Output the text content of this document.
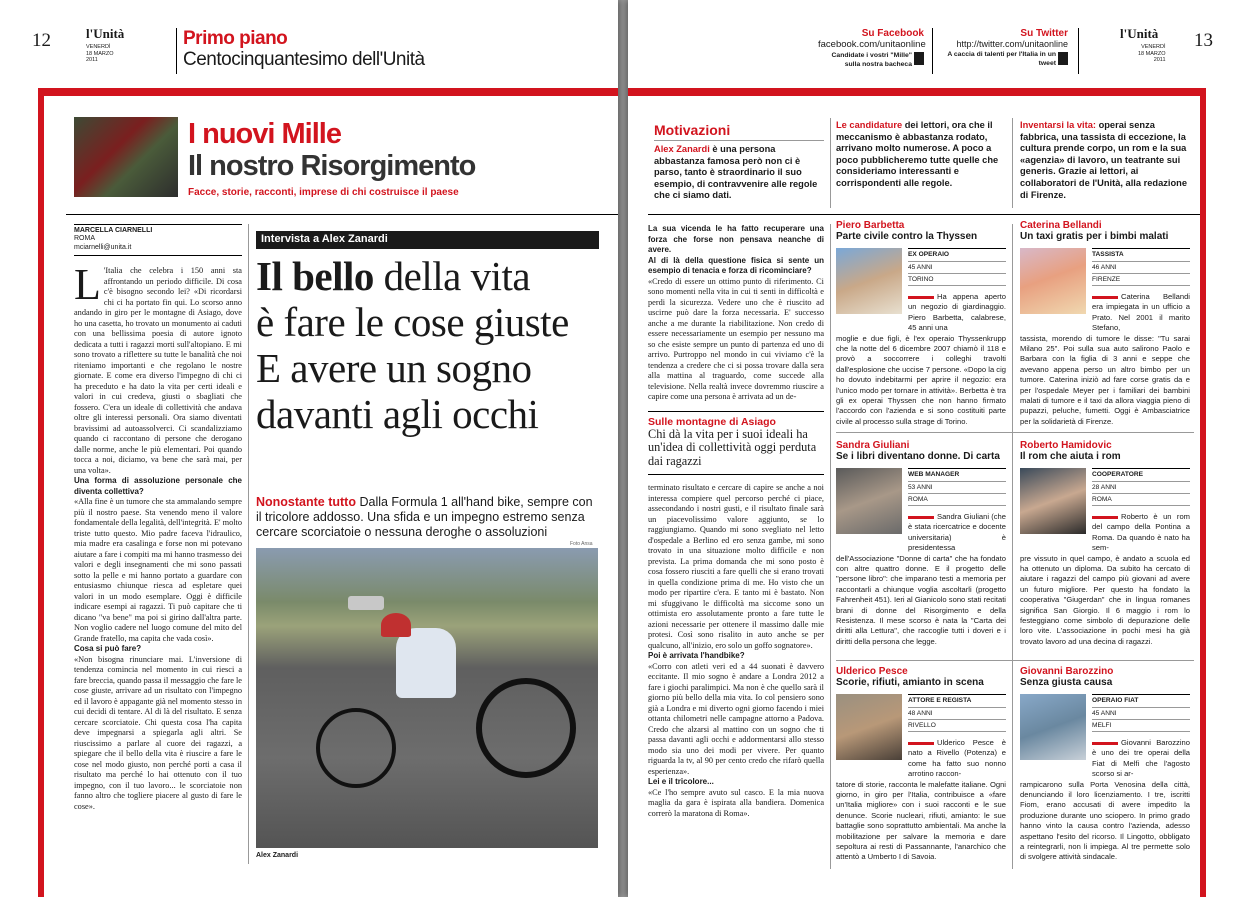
12	l'Unità
VENERDÌ
18 MARZO
2011
Primo piano
Centocinquantesimo dell'Unità
I nuovi Mille
Il nostro Risorgimento
Facce, storie, racconti, imprese di chi costruisce il paese
MARCELLA CIARNELLI
ROMA
mciarnelli@unita.it

L 'Italia che celebra i 150 anni sta affrontando un periodo difficile. Di cosa c'è bisogno secondo lei? «Di ricordarsi chi ci ha portato fin qui. Lo scorso anno andando in giro per le montagne di Asiago, dove ho una casetta, ho trovato un monumento ai caduti con una bellissima poesia di autore ignoto dedicata a tutti i ragazzi morti sull'altopiano. E mi sono trovato a riflettere su tutte le banalità che noi riteniamo importanti e che regolano le nostre giornate. E come era diverso l'impegno di chi ci ha preceduto e ha dato la vita per certi ideali e valori in cui credeva, giusti o sbagliati che fossero. C'era un ideale di collettività che andava oltre gli interessi personali. Ora siamo diventati bravissimi ad autoassolverci. Ci scandalizziamo quando ci raccontano di persone che derogano dalle norme, anche le più elementari. Poi quando tocca a noi, diciamo, va bene che sarà mai, per una volta».

Una forma di assoluzione personale che diventa collettiva?

«Alla fine è un tumore che sta ammalando sempre più il nostro paese. Sta venendo meno il valore fondamentale della legalità, dell'integrità. E' molto triste tutto questo. Mio padre faceva l'idraulico, mia madre era casalinga e forse non mi potevano aiutare a fare i compiti ma mi hanno trasmesso dei valori e degli insegnamenti che mi sono passati sotto la pelle e mi hanno portato a guardare con entusiasmo chiunque riesca ad espletare quei valori in un modo esemplare. Oggi è difficile indicare esempi ai ragazzi. Ti può capitare che ti dicano "va bene" ma poi si girino dall'altra parte. Non voglio cadere nel luogo comune del mito del Grande fratello, ma capita che vada così».

Cosa si può fare?

«Non bisogna rinunciare mai. L'inversione di tendenza comincia nel momento in cui riesci a fare breccia, quando passa il messaggio che fare le cose giuste, arrivare ad un risultato con l'impegno ed il lavoro è appagante già nel momento stesso in cui decidi di tentare. Al di là del risultato. E senza cercare scorciatoie. Chi questa cosa l'ha capita deve impegnarsi a spiegarla agli altri. Se riuscissimo a parlare al cuore dei ragazzi, a spiegare che il bello della vita è riuscire a fare le cose nel modo giusto, non perché porti a casa il risultato ma perché lo hai ottenuto con il tuo impegno, con il tuo lavoro... le scorciatoie non fanno altro che togliere piacere al gusto di fare le cose».

Intervista a Alex Zanardi
Il bello della vita
è fare le cose giuste
E avere un sogno
davanti agli occhi
Nonostante tutto Dalla Formula 1 all'hand bike, sempre con il tricolore addosso. Una sfida e un impegno estremo senza cercare scorciatoie o nessuna deroghe o assoluzioni
Foto Ansa
Alex Zanardi
Su Facebook
facebook.com/unitaonline
Candidate i vostri "Mille" sulla nostra bacheca
Su Twitter
http://twitter.com/unitaonline
A caccia di talenti per l'Italia in un tweet
l'Unità
VENERDÌ
18 MARZO
2011
13
Motivazioni
Alex Zanardi è una persona abbastanza famosa però non ci è parso, tanto è straordinario il suo esempio, di contravvenire alle regole che ci siamo dati.
Le candidature dei lettori, ora che il meccanismo è abbastanza rodato, arrivano molto numerose. A poco a poco pubblicheremo tutte quelle che consideriamo interessanti e corrispondenti alle regole.
Inventarsi la vita: operai senza fabbrica, una tassista di eccezione, la cultura prende corpo, un rom e la sua «agenzia» di lavoro, un teatrante sui generis. Grazie ai lettori, ai collaboratori de l'Unità, alla redazione di Firenze.

La sua vicenda le ha fatto recuperare una forza che forse non pensava neanche di avere.

Al di là della questione fisica si sente un esempio di tenacia e forza di ricominciare?

«Credo di essere un ottimo punto di riferimento. Ci sono momenti nella vita in cui ti senti in difficoltà e perdi la sicurezza. Vedere uno che è riuscito ad uscirne può dare la forza necessaria. E' successo anche a me durante la riabilitazione. Non credo di essere necessariamente un esempio per nessuno ma so che esiste sempre un punto di partenza ed uno di arrivo. Purtroppo nel mondo in cui viviamo c'è la tendenza a credere che ci si possa trovare dalla sera alla mattina al traguardo, come succede alla televisione. Nella realtà invece dovremmo riuscire a capire come una persona è arrivata ad un de-

Sulle montagne di Asiago
Chi dà la vita per i suoi ideali ha un'idea di collettività oggi perduta dai ragazzi

terminato risultato e cercare di capire se anche a noi interessa compiere quel percorso perché ci piace, assecondando i nostri gusti, e il risultato finale sarà un piacevolissimo valore aggiunto, se lo raggiungiamo. Quando mi sono svegliato nel letto d'ospedale a Berlino ed ero senza gambe, mi sono trovato in una situazione molto difficile e non prevista. La prima domanda che mi sono posto è cosa fossero riusciti a fare quelli che si erano trovati in quella condizione prima di me. Ho visto che un modo per ripartire c'era. E tanto mi è bastato. Non mi sfuggivano le difficoltà ma siccome sono un ottimista ero assolutamente pronto a fare tutte le azioni necessarie per ottenere il massimo dalle mie protesi. Così sono risalito in auto anche se per qualcuno, all'inizio, ero solo un goffo sognatore».

Poi è arrivata l'handbike?

«Corro con atleti veri ed a 44 suonati è davvero eccitante. Il mio sogno è andare a Londra 2012 a fare i giochi paralimpici. Ma non è che quello sarà il giorno più bello della mia vita. Io col pensiero sono già a Londra e mi diverto ogni giorno facendo i miei ottanta chilometri nelle campagne attorno a Padova. Credo che alzarsi al mattino con un sogno che ti passa davanti agli occhi e addormentarsi allo stesso modo sia uno dei modi per vivere. Per quanto riguarda la tv, al 90 per cento credo che rifarò quella esperienza».

Lei e il tricolore...

«Ce l'ho sempre avuto sul casco. E la mia nuova maglia da gara è ispirata alla bandiera. Domenica correrò la maratona di Roma».

Piero Barbetta
Parte civile contro la Thyssen
EX OPERAIO
45 ANNI
TORINO
Ha appena aperto un negozio di giardinaggio. Piero Barbetta, calabrese, 45 anni una
moglie e due figli, è l'ex operaio Thyssenkrupp che la notte del 6 dicembre 2007 chiamò il 118 e provò a soccorrere i colleghi travolti dall'esplosione che uccise 7 persone. «Dopo la cig ho dovuto indebitarmi per aprire il negozio: era l'unico modo per tornare in attività». Berbetta è tra gli ex operai Thyssen che non hanno firmato l'accordo con l'azienda e si sono costituiti parte civile al processo sulla strage di Torino.
Caterina Bellandi
Un taxi gratis per i bimbi malati
TASSISTA
46 ANNI
FIRENZE
Caterina Bellandi era impiegata in un ufficio a Prato. Nel 2001 il marito Stefano,
tassista, morendo di tumore le disse: "Tu sarai Milano 25". Poi sulla sua auto salirono Paolo e Barbara con la figlia di 3 anni e seppe che avevano appena perso un altro bimbo per un tumore. Caterina iniziò ad fare corse gratis da e per l'ospedale Meyer per i familiari dei bambini malati di tumore e il taxi da allora viaggia pieno di pupazzi, peluche, fumetti. Oggi è Ambasciatrice per la solidarietà di Firenze.
Sandra Giuliani
Se i libri diventano donne. Di carta
WEB MANAGER
53 ANNI
ROMA
Sandra Giuliani (che è stata ricercatrice e docente universitaria) è presidentessa
dell'Associazione "Donne di carta" che ha fondato con altre quattro donne. E il progetto delle "persone libro": che imparano testi a memoria per raccontarli a chiunque voglia ascoltarli (progetto Fahrenheit 451). Ieri al Gianicolo sono stati recitati brani di donne del Risorgimento e della Resistenza. Il mese scorso è nata la "Carta dei diritti alla Lettura", che raccoglie tutti i doveri e i diritti della persona che legge.
Roberto Hamidovic
Il rom che aiuta i rom
COOPERATORE
28 ANNI
ROMA
Roberto è un rom del campo della Pontina a Roma. Da quando è nato ha sem-
pre vissuto in quel campo, è andato a scuola ed ha ottenuto un diploma. Da subito ha cercato di aiutare i ragazzi del campo più giovani ad avere un futuro migliore. Per questo ha fondato la cooperativa "Giugerdan" che in lingua romanes significa San Giorgio. Il 6 maggio i rom lo festeggiano come simbolo di depurazione delle loro vite. L'associazione in pochi mesi ha già trovato lavoro ad una decina di ragazzi.
Ulderico Pesce
Scorie, rifiuti, amianto in scena
ATTORE E REGISTA
48 ANNI
RIVELLO
Ulderico Pesce è nato a Rivello (Potenza) e come ha fatto suo nonno arrotino raccon-
tatore di storie, racconta le malefatte italiane. Ogni giorno, in giro per l'Italia, contribuisce a «fare un'Italia migliore» con i suoi racconti e le sue denunce. Scorie nucleari, rifiuti, amianto: le sue battaglie sono soprattutto ambientali. Ma anche la mobilitazione per salvare la memoria e dare sepoltura ai resti di Passannante, l'anarchico che attentò a Umberto I di Savoia.
Giovanni Barozzino
Senza giusta causa
OPERAIO FIAT
45 ANNI
MELFI
Giovanni Barozzino è uno dei tre operai della Fiat di Melfi che l'agosto scorso si ar-
rampicarono sulla Porta Venosina della città, denunciando il loro licenziamento. I tre, iscritti Fiom, erano accusati di avere impedito la produzione durante uno sciopero. In primo grado hanno vinto la causa contro l'azienda, adesso aspettano l'esito del ricorso. Il Lingotto, obbligato a reintegrarli, non li impiega. Al tre permette solo di svolgere attività sindacale.
